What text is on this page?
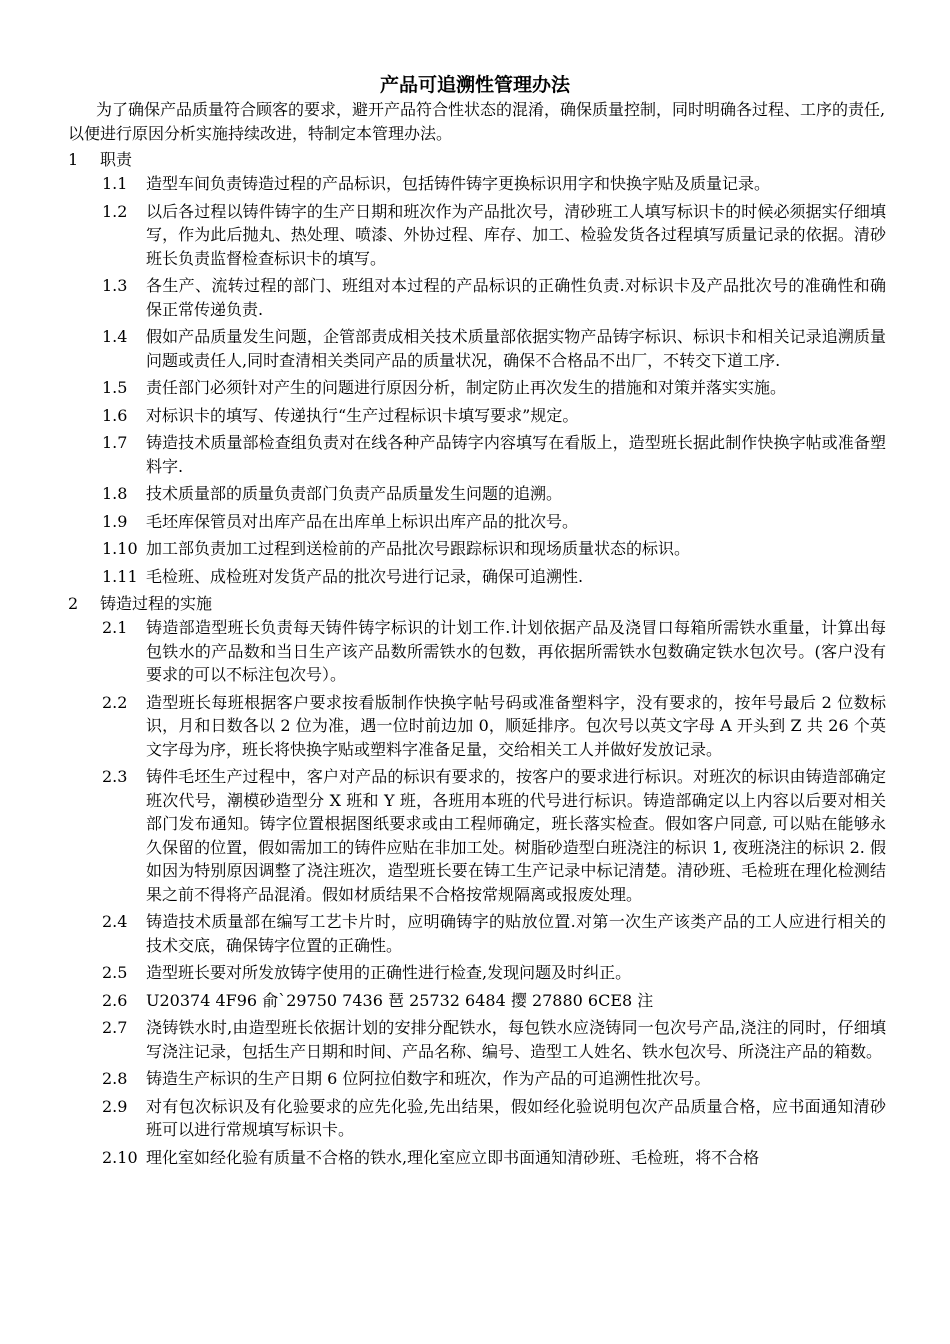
产品可追溯性管理办法
为了确保产品质量符合顾客的要求，避开产品符合性状态的混淆，确保质量控制，同时明确各过程、工序的责任,以便进行原因分析实施持续改进，特制定本管理办法。
1 职责
1.1	造型车间负责铸造过程的产品标识，包括铸件铸字更换标识用字和快换字贴及质量记录。
1.2	以后各过程以铸件铸字的生产日期和班次作为产品批次号，清砂班工人填写标识卡的时候必须据实仔细填写，作为此后抛丸、热处理、喷漆、外协过程、库存、加工、检验发货各过程填写质量记录的依据。清砂班长负责监督检查标识卡的填写。
1.3	各生产、流转过程的部门、班组对本过程的产品标识的正确性负责.对标识卡及产品批次号的准确性和确保正常传递负责.
1.4	假如产品质量发生问题，企管部责成相关技术质量部依据实物产品铸字标识、标识卡和相关记录追溯质量问题或责任人,同时查清相关类同产品的质量状况，确保不合格品不出厂，不转交下道工序.
1.5	责任部门必须针对产生的问题进行原因分析，制定防止再次发生的措施和对策并落实实施。
1.6	对标识卡的填写、传递执行“生产过程标识卡填写要求”规定。
1.7	铸造技术质量部检查组负责对在线各种产品铸字内容填写在看版上，造型班长据此制作快换字帖或准备塑料字.
1.8	技术质量部的质量负责部门负责产品质量发生问题的追溯。
1.9	毛坯库保管员对出库产品在出库单上标识出库产品的批次号。
1.10 加工部负责加工过程到送检前的产品批次号跟踪标识和现场质量状态的标识。
1.11 毛检班、成检班对发货产品的批次号进行记录，确保可追溯性.
2 铸造过程的实施
2.1	铸造部造型班长负责每天铸件铸字标识的计划工作.计划依据产品及浇冒口每箱所需铁水重量，计算出每包铁水的产品数和当日生产该产品数所需铁水的包数，再依据所需铁水包数确定铁水包次号。(客户没有要求的可以不标注包次号）。
2.2	造型班长每班根据客户要求按看版制作快换字帖号码或准备塑料字，没有要求的，按年号最后 2 位数标识，月和日数各以 2 位为准，遇一位时前边加 0，顺延排序。包次号以英文字母 A 开头到 Z 共 26 个英文字母为序，班长将快换字贴或塑料字准备足量，交给相关工人并做好发放记录。
2.3	铸件毛坯生产过程中，客户对产品的标识有要求的，按客户的要求进行标识。对班次的标识由铸造部确定班次代号，潮模砂造型分 X 班和 Y 班，各班用本班的代号进行标识。铸造部确定以上内容以后要对相关部门发布通知。铸字位置根据图纸要求或由工程师确定，班长落实检查。假如客户同意, 可以贴在能够永久保留的位置，假如需加工的铸件应贴在非加工处。树脂砂造型白班浇注的标识 1, 夜班浇注的标识 2. 假如因为特别原因调整了浇注班次，造型班长要在铸工生产记录中标记清楚。清砂班、毛检班在理化检测结果之前不得将产品混淆。假如材质结果不合格按常规隔离或报废处理。
2.4	铸造技术质量部在编写工艺卡片时，应明确铸字的贴放位置.对第一次生产该类产品的工人应进行相关的技术交底，确保铸字位置的正确性。
2.5	造型班长要对所发放铸字使用的正确性进行检查,发现问题及时纠正。
2.6	U20374 4F96 俞`29750 7436 琶 25732 6484 撄 27880 6CE8 注
2.7	浇铸铁水时,由造型班长依据计划的安排分配铁水，每包铁水应浇铸同一包次号产品,浇注的同时，仔细填写浇注记录，包括生产日期和时间、产品名称、编号、造型工人姓名、铁水包次号、所浇注产品的箱数。
2.8	铸造生产标识的生产日期 6 位阿拉伯数字和班次，作为产品的可追溯性批次号。
2.9	对有包次标识及有化验要求的应先化验,先出结果，假如经化验说明包次产品质量合格，应书面通知清砂班可以进行常规填写标识卡。
2.10 理化室如经化验有质量不合格的铁水,理化室应立即书面通知清砂班、毛检班，将不合格
